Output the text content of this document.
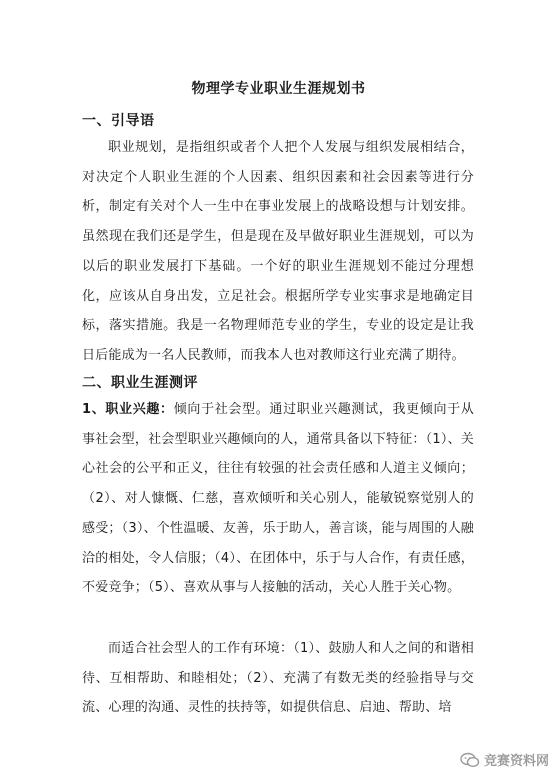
物理学专业职业生涯规划书
一、引导语
职业规划，是指组织或者个人把个人发展与组织发展相结合，对决定个人职业生涯的个人因素、组织因素和社会因素等进行分析，制定有关对个人一生中在事业发展上的战略设想与计划安排。虽然现在我们还是学生，但是现在及早做好职业生涯规划，可以为以后的职业发展打下基础。一个好的职业生涯规划不能过分理想化，应该从自身出发，立足社会。根据所学专业实事求是地确定目标，落实措施。我是一名物理师范专业的学生，专业的设定是让我日后能成为一名人民教师，而我本人也对教师这行业充满了期待。
二、职业生涯测评
1、职业兴趣：倾向于社会型。通过职业兴趣测试，我更倾向于从事社会型，社会型职业兴趣倾向的人，通常具备以下特征：（1）、关心社会的公平和正义，往往有较强的社会责任感和人道主义倾向；（2）、对人慷慨、仁慈，喜欢倾听和关心别人，能敏锐察觉别人的感受；（3）、个性温暖、友善，乐于助人，善言谈，能与周围的人融洽的相处，令人信服；（4）、在团体中，乐于与人合作，有责任感，不爱竞争；（5）、喜欢从事与人接触的活动，关心人胜于关心物。
而适合社会型人的工作有环境：（1）、鼓励人和人之间的和谐相待、互相帮助、和睦相处；（2）、充满了有数无类的经验指导与交流、心理的沟通、灵性的扶持等，如提供信息、启迪、帮助、培
竞赛资料网
